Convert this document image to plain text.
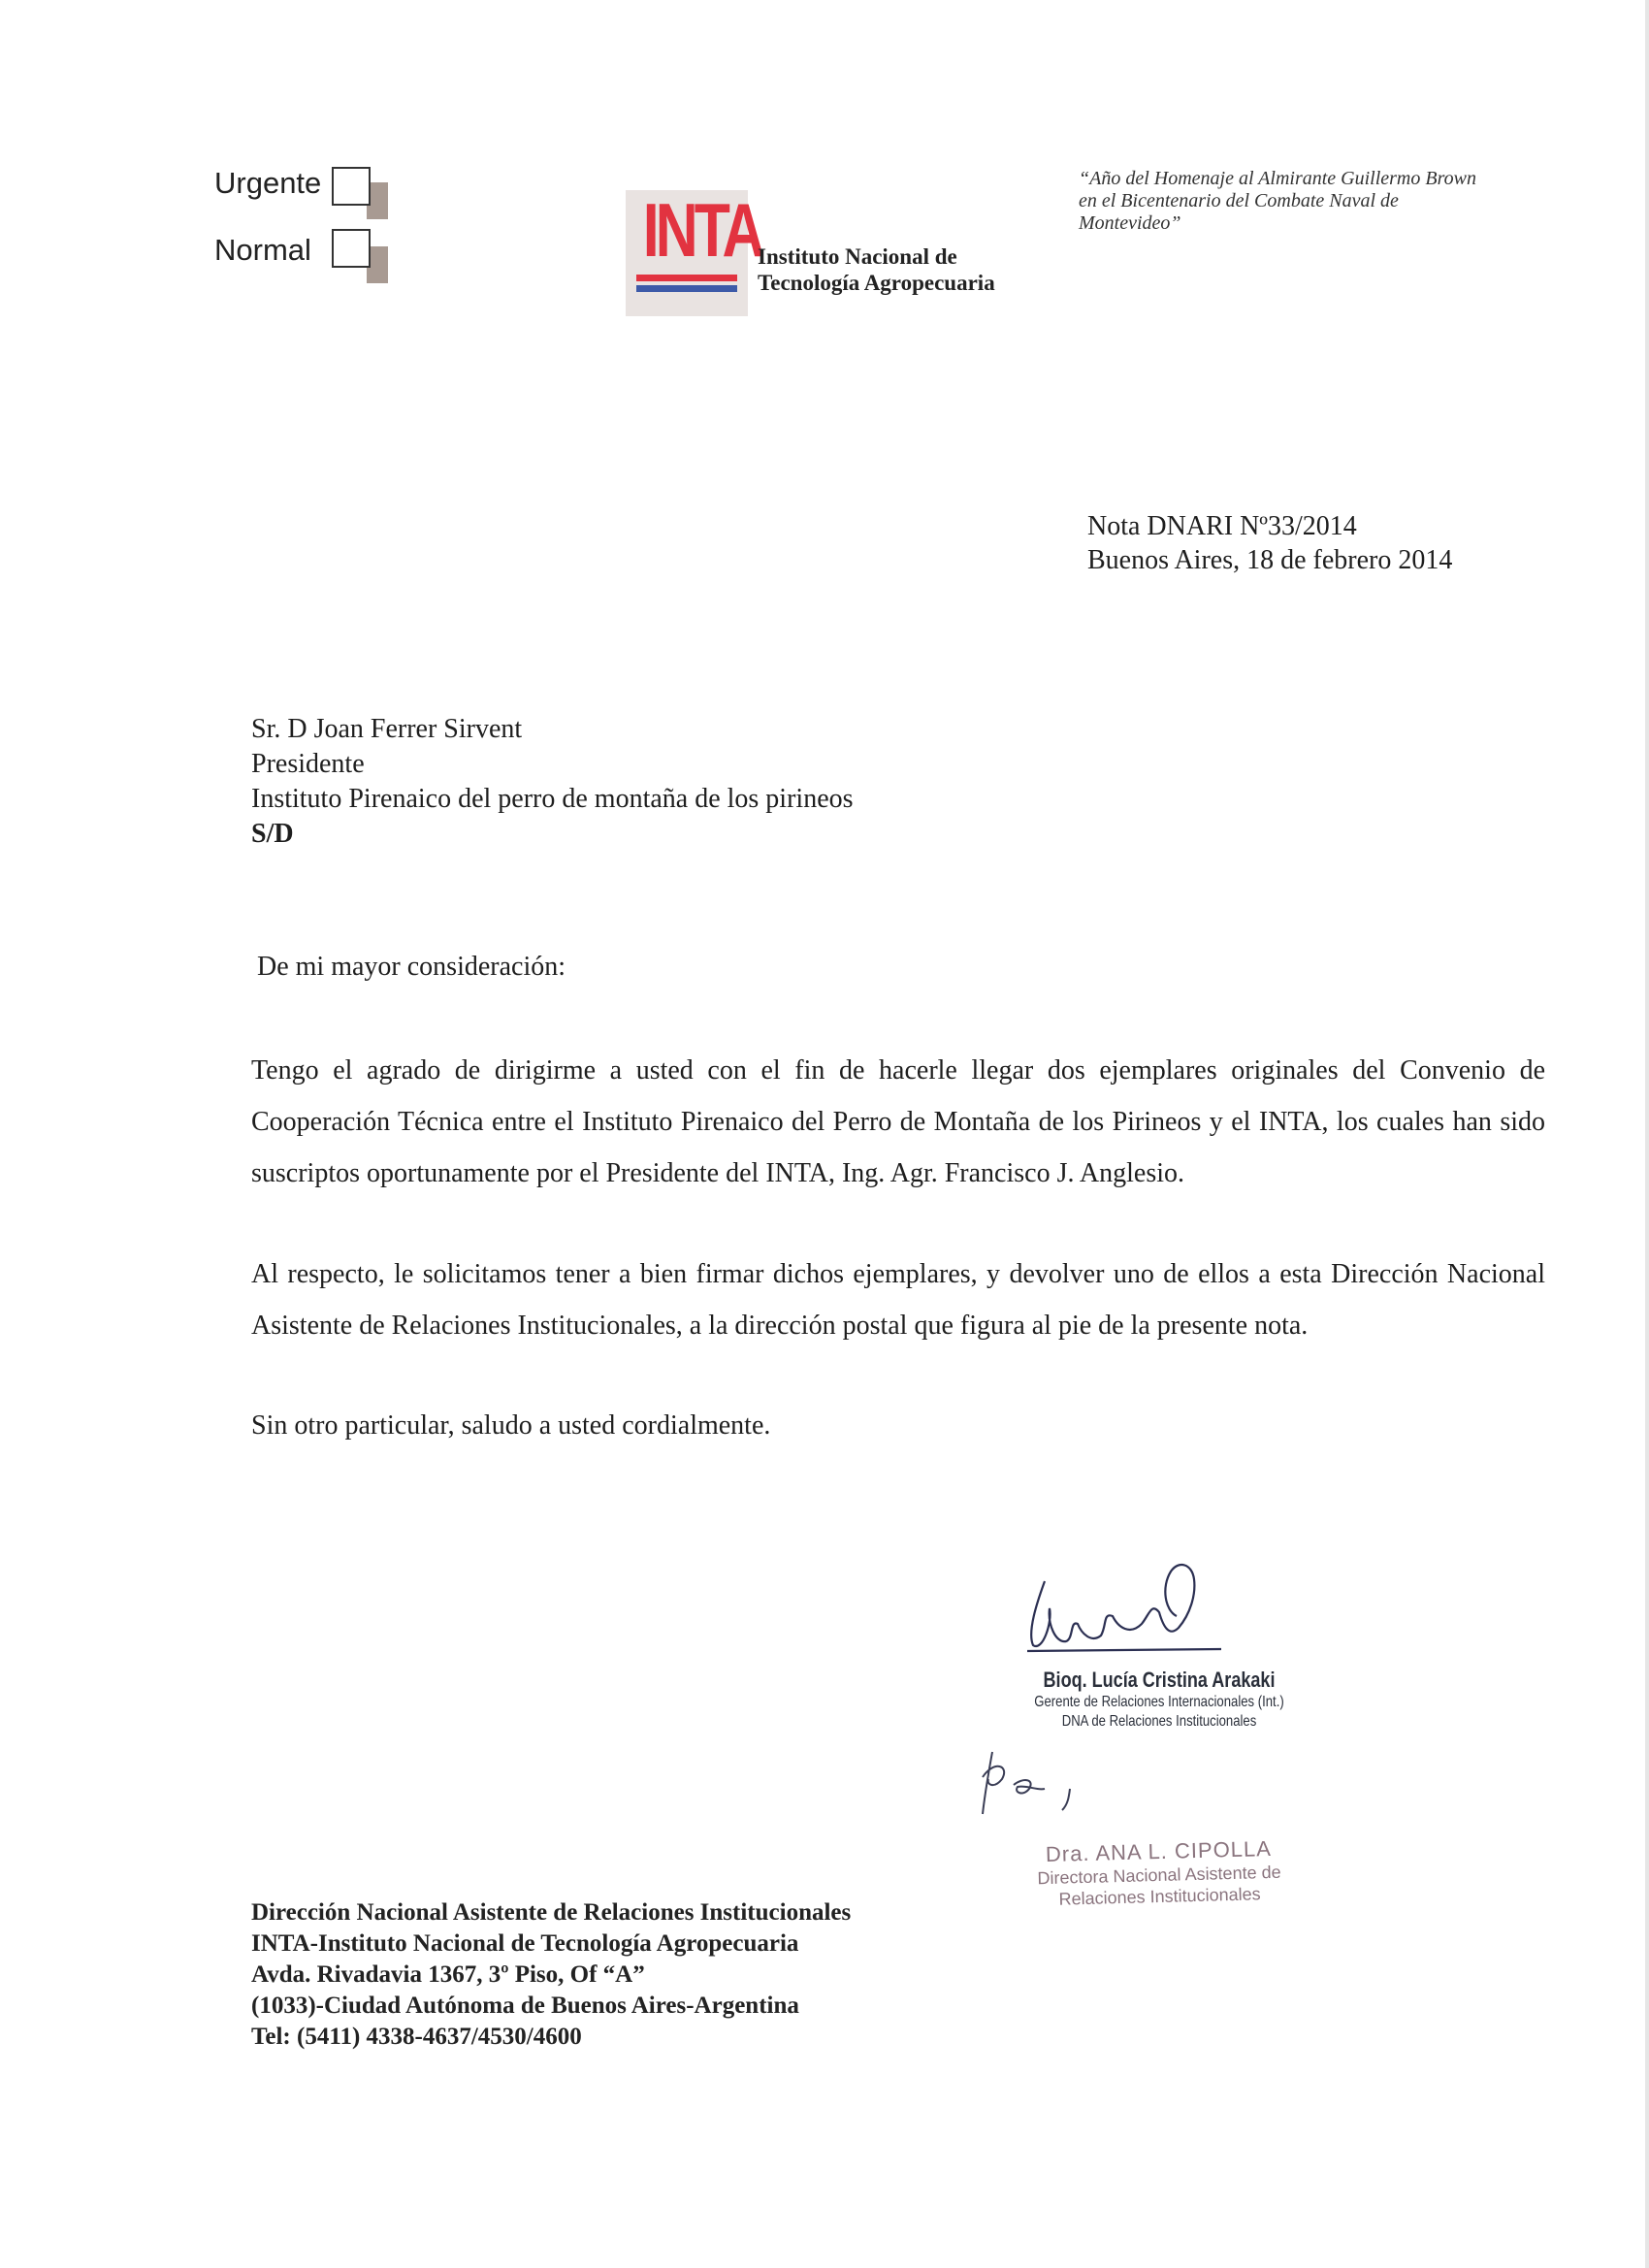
Urgente
Normal	INTA
Instituto Nacional de
Tecnología Agropecuaria
“Año del Homenaje al Almirante Guillermo Brown
en el Bicentenario del Combate Naval de
Montevideo”
Nota DNARI Nº33/2014
Buenos Aires, 18 de febrero 2014
Sr. D Joan Ferrer Sirvent
Presidente
Instituto Pirenaico del perro de montaña de los pirineos
S/D
De mi mayor consideración:

Tengo el agrado de dirigirme a usted con el fin de hacerle llegar dos ejemplares originales del Convenio de Cooperación Técnica entre el Instituto Pirenaico del Perro de Montaña de los Pirineos y el INTA, los cuales han sido suscriptos oportunamente por el Presidente del INTA, Ing. Agr. Francisco J. Anglesio.

Al respecto, le solicitamos tener a bien firmar dichos ejemplares, y devolver uno de ellos a esta Dirección Nacional Asistente de Relaciones Institucionales, a la dirección postal que figura al pie de la presente nota.

Sin otro particular, saludo a usted cordialmente.
Bioq. Lucía Cristina Arakaki
Gerente de Relaciones Internacionales (Int.)
DNA de Relaciones Institucionales
Dra. ANA L. CIPOLLA
Directora Nacional Asistente de
Relaciones Institucionales
Dirección Nacional Asistente de Relaciones Institucionales
INTA-Instituto Nacional de Tecnología Agropecuaria
Avda. Rivadavia 1367, 3º Piso, Of “A”
(1033)-Ciudad Autónoma de Buenos Aires-Argentina
Tel: (5411) 4338-4637/4530/4600
